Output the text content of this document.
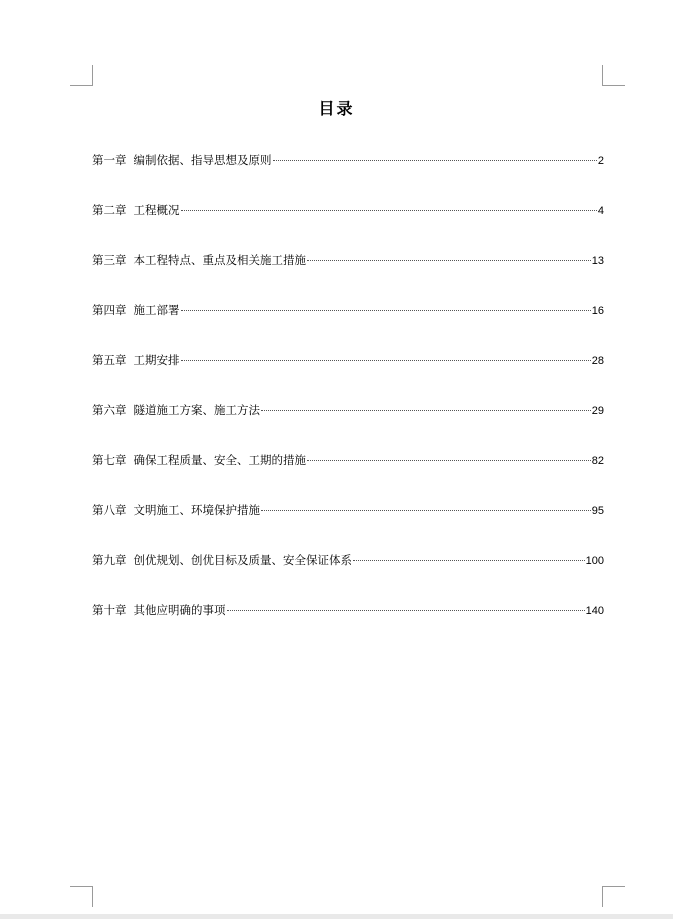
目录
第一章 编制依据、指导思想及原则	2
第二章 工程概况	4
第三章 本工程特点、重点及相关施工措施	13
第四章 施工部署	16
第五章 工期安排	28
第六章 隧道施工方案、施工方法	29
第七章 确保工程质量、安全、工期的措施	82
第八章 文明施工、环境保护措施	95
第九章 创优规划、创优目标及质量、安全保证体系	100
第十章 其他应明确的事项	140
